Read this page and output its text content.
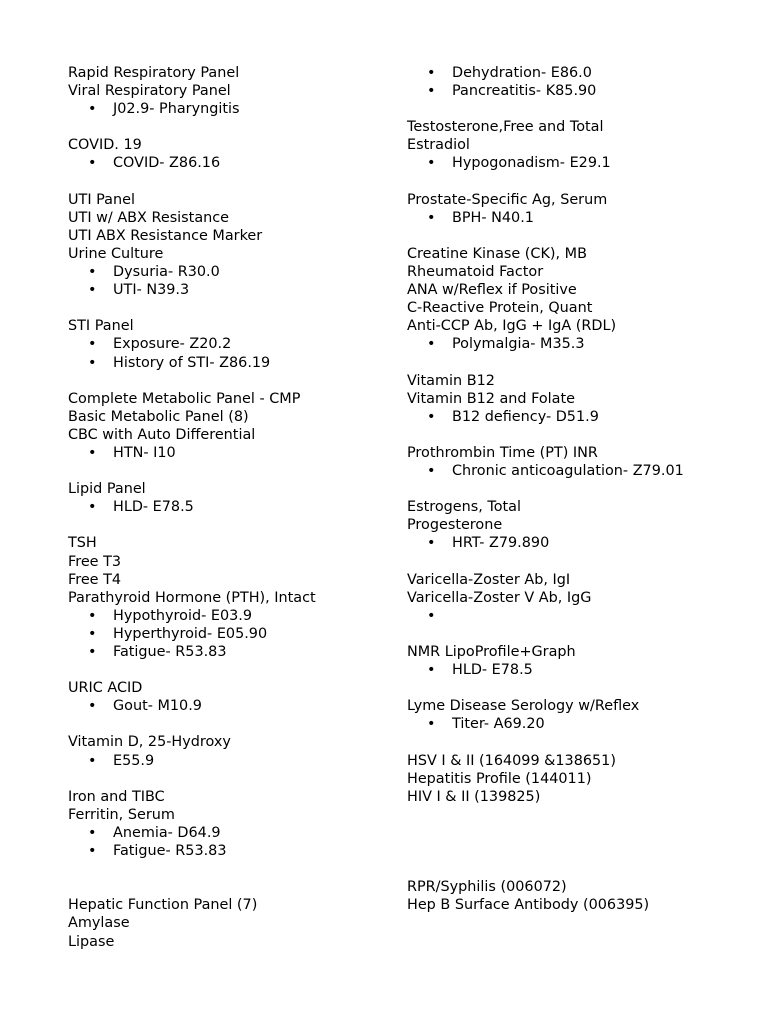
Rapid Respiratory Panel
Viral Respiratory Panel
• J02.9- Pharyngitis
COVID. 19
• COVID- Z86.16
UTI Panel
UTI w/ ABX Resistance
UTI ABX Resistance Marker
Urine Culture
• Dysuria- R30.0
• UTI- N39.3
STI Panel
• Exposure- Z20.2
• History of STI- Z86.19
Complete Metabolic Panel - CMP
Basic Metabolic Panel (8)
CBC with Auto Differential
• HTN- I10
Lipid Panel
• HLD- E78.5
TSH
Free T3
Free T4
Parathyroid Hormone (PTH), Intact
• Hypothyroid- E03.9
• Hyperthyroid- E05.90
• Fatigue- R53.83
URIC ACID
• Gout- M10.9
Vitamin D, 25-Hydroxy
• E55.9
Iron and TIBC
Ferritin, Serum
• Anemia- D64.9
• Fatigue- R53.83
Hepatic Function Panel (7)
Amylase
Lipase
• Dehydration- E86.0
• Pancreatitis- K85.90
Testosterone,Free and Total
Estradiol
• Hypogonadism- E29.1
Prostate-Specific Ag, Serum
• BPH- N40.1
Creatine Kinase (CK), MB
Rheumatoid Factor
ANA w/Reflex if Positive
C-Reactive Protein, Quant
Anti-CCP Ab, IgG + IgA (RDL)
• Polymalgia- M35.3
Vitamin B12
Vitamin B12 and Folate
• B12 defiency- D51.9
Prothrombin Time (PT) INR
• Chronic anticoagulation- Z79.01
Estrogens, Total
Progesterone
• HRT- Z79.890
Varicella-Zoster Ab, IgI
Varicella-Zoster V Ab, IgG
•
NMR LipoProfile+Graph
• HLD- E78.5
Lyme Disease Serology w/Reflex
• Titer- A69.20
HSV I & II (164099 &138651)
Hepatitis Profile (144011)
HIV I & II (139825)
RPR/Syphilis (006072)
Hep B Surface Antibody (006395)
